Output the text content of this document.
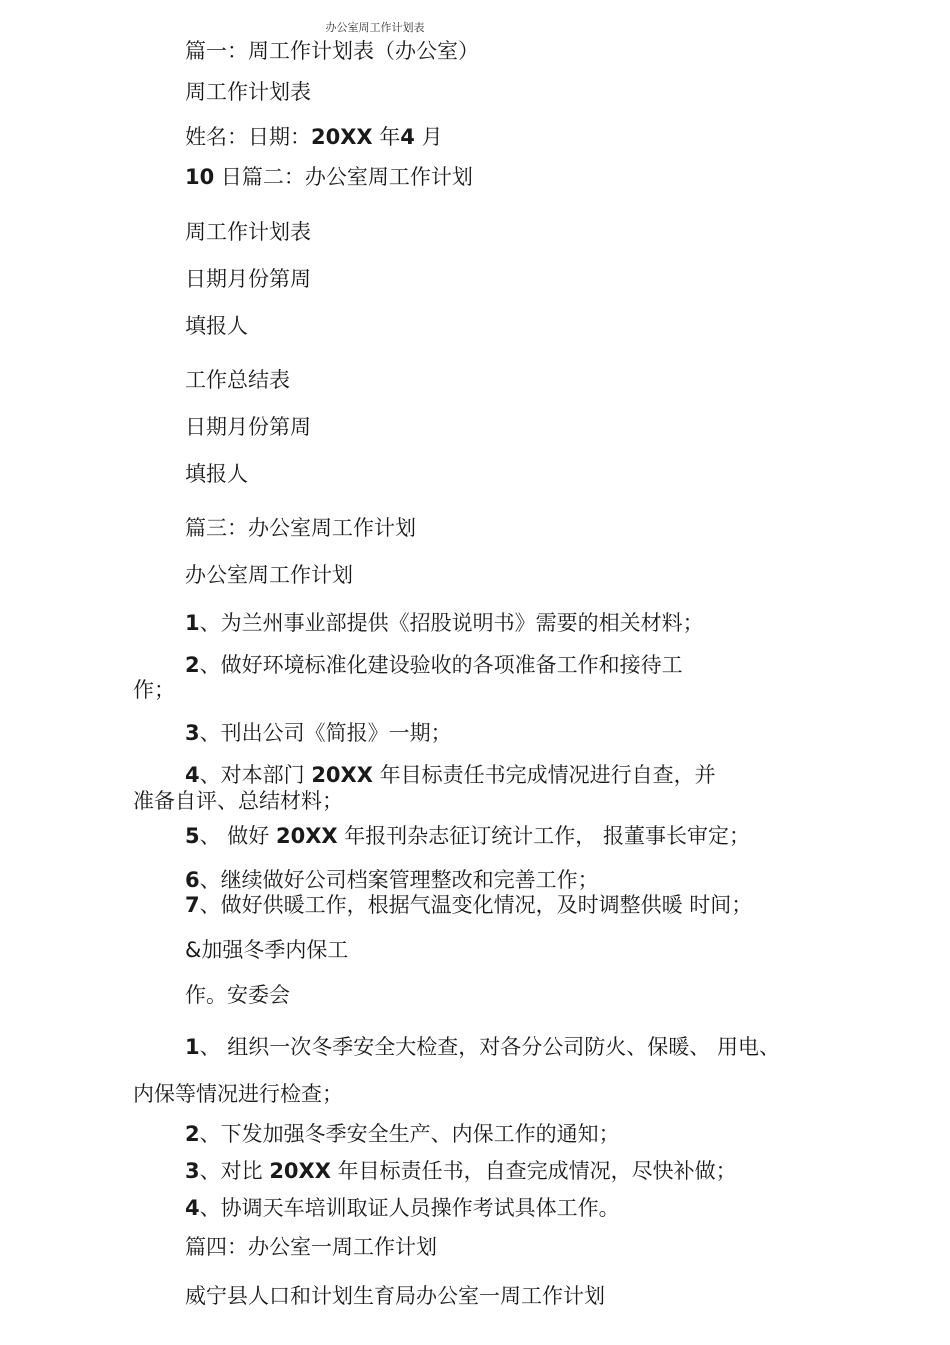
办公室周工作计划表
篇一：周工作计划表（办公室）
周工作计划表
姓名：日期：20XX 年4 月
10 日篇二：办公室周工作计划
周工作计划表
日期月份第周
填报人
工作总结表
日期月份第周
填报人
篇三：办公室周工作计划
办公室周工作计划
1、为兰州事业部提供《招股说明书》需要的相关材料；
2、做好环境标准化建设验收的各项准备工作和接待工
作；
3、刊出公司《简报》一期；
4、对本部门 20XX 年目标责任书完成情况进行自查，并
准备自评、总结材料；
5、 做好 20XX 年报刊杂志征订统计工作， 报董事长审定；
6、继续做好公司档案管理整改和完善工作；
7、做好供暖工作，根据气温变化情况，及时调整供暖 时间；
&加强冬季内保工
作。安委会
1、 组织一次冬季安全大检查，对各分公司防火、保暖、 用电、
内保等情况进行检查；
2、下发加强冬季安全生产、内保工作的通知；
3、对比 20XX 年目标责任书，自查完成情况，尽快补做；
4、协调天车培训取证人员操作考试具体工作。
篇四：办公室一周工作计划
威宁县人口和计划生育局办公室一周工作计划
